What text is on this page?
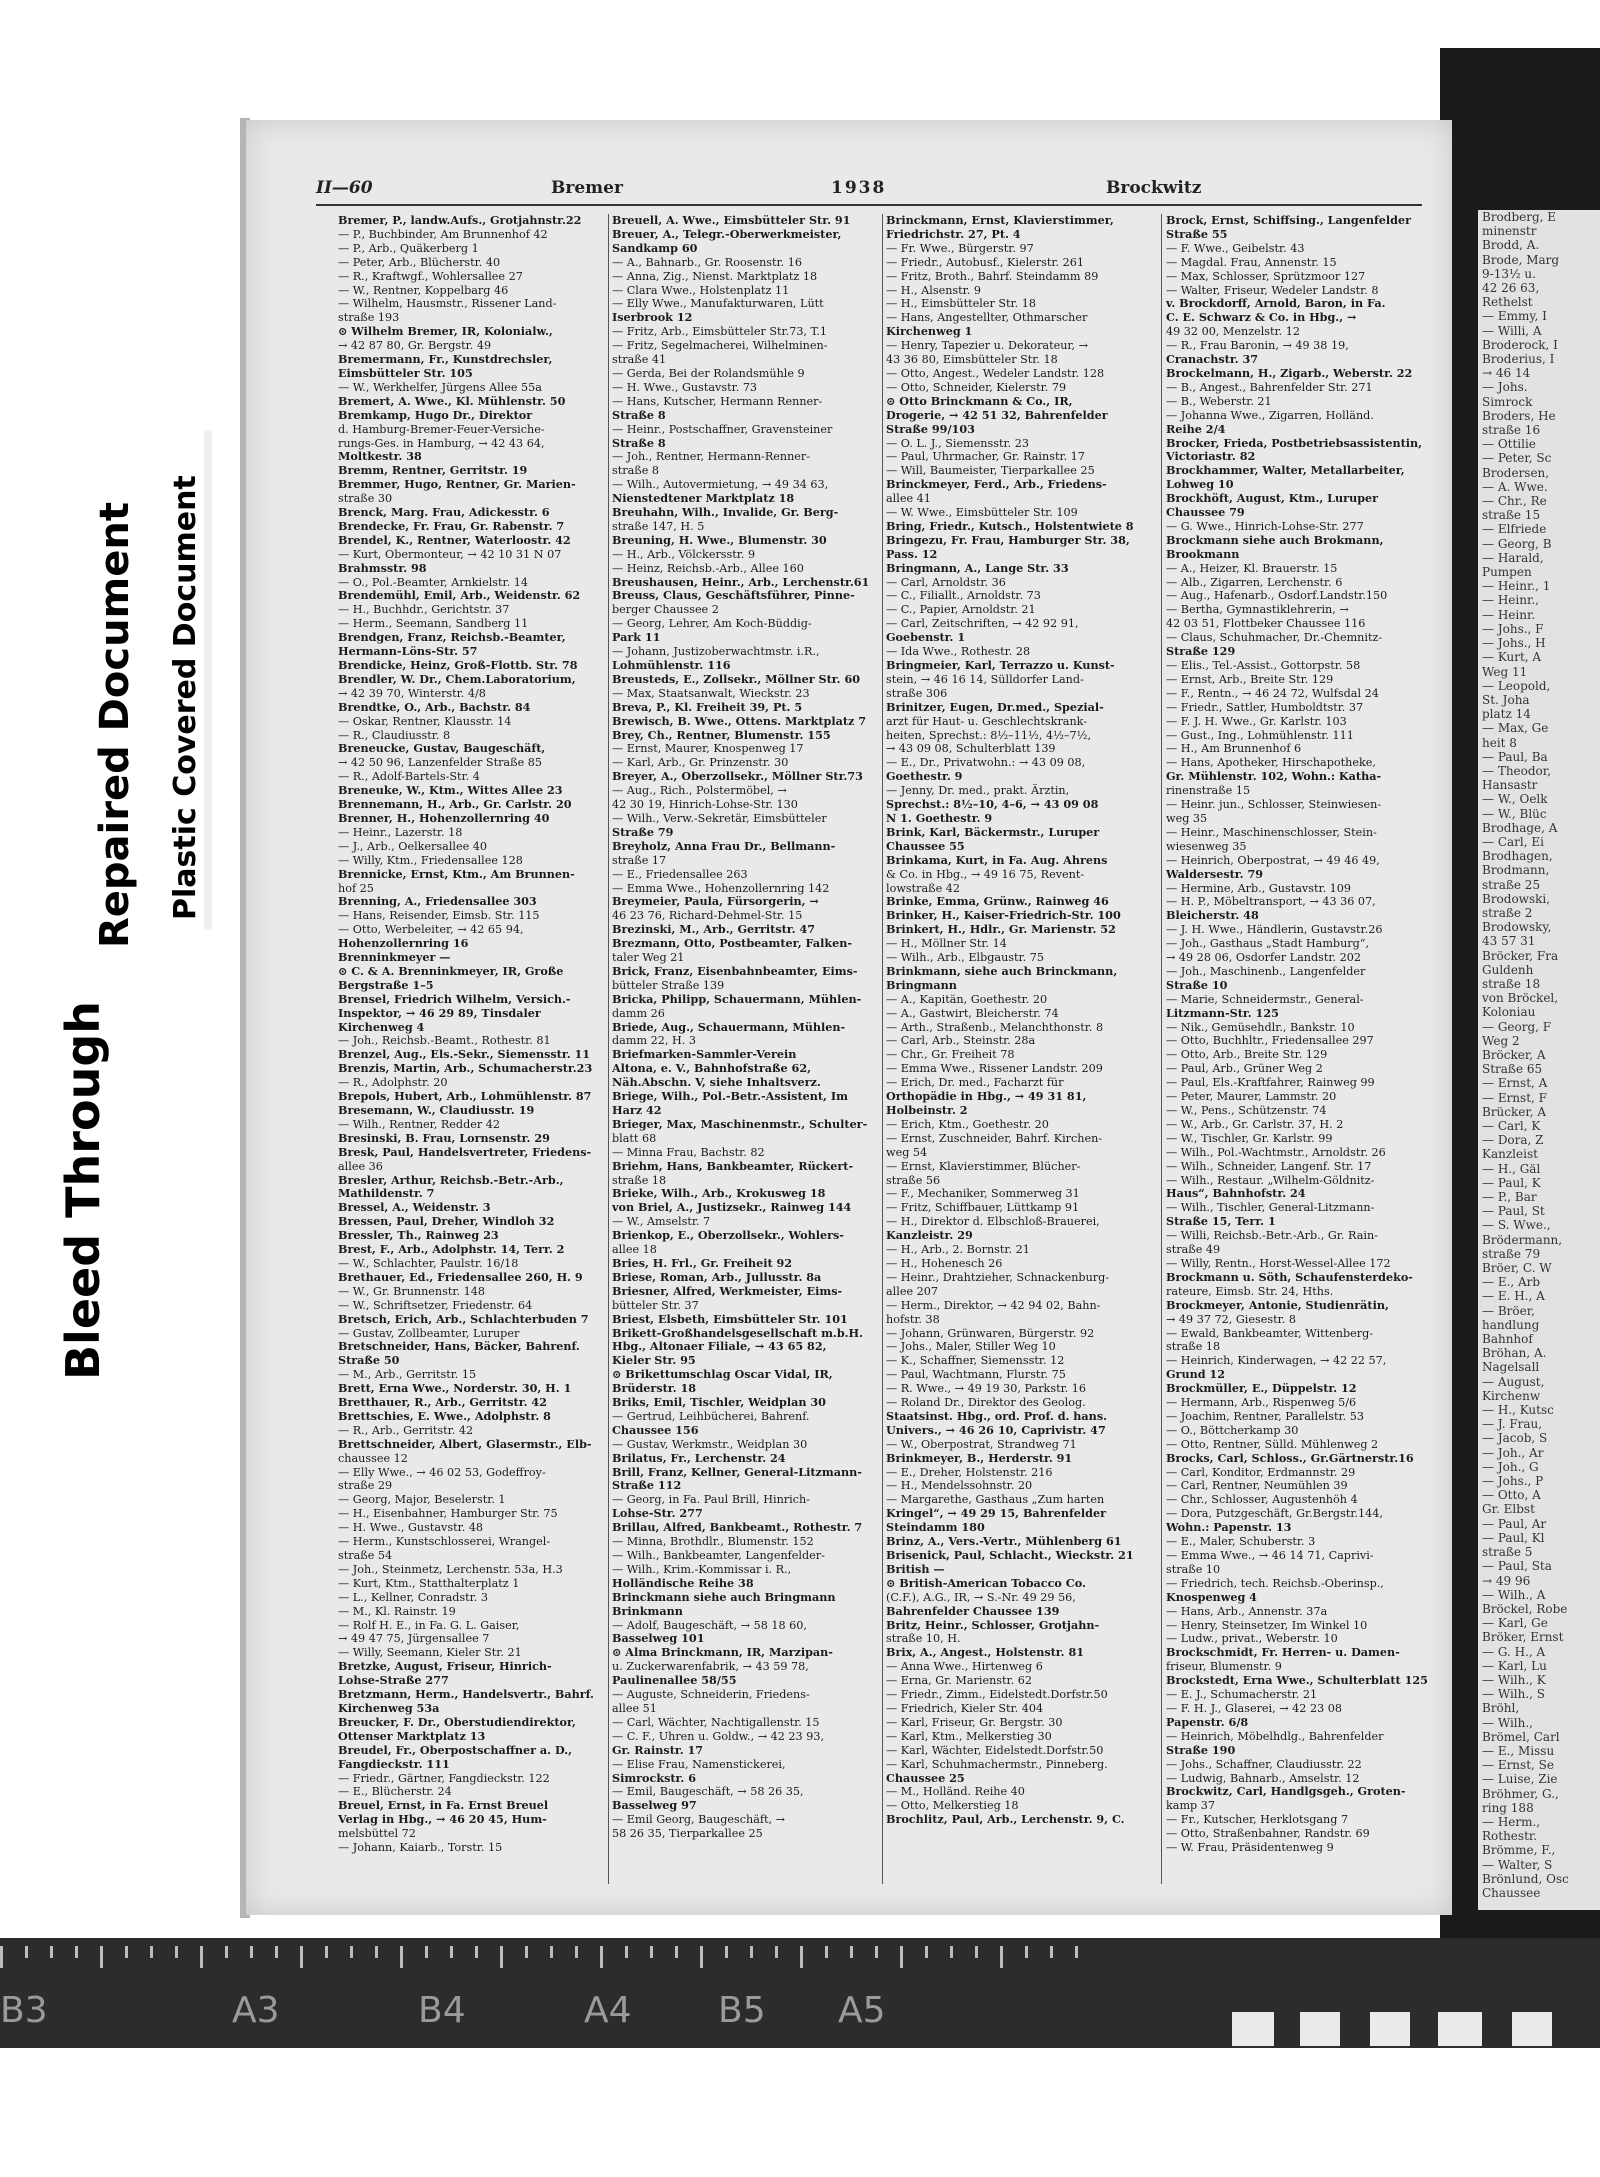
Brodberg, E
minenstr
Brodd, A.
Brode, Marg
9-13½ u.
42 26 63,
Rethelst
— Emmy, I
— Willi, A
Broderock, I
Broderius, I
→ 46 14
— Johs.
Simrock
Broders, He
straße 16
— Ottilie
— Peter, Sc
Brodersen,
— A. Wwe.
— Chr., Re
straße 15
— Elfriede
— Georg, B
— Harald,
Pumpen
— Heinr., 1
— Heinr.,
— Heinr.
— Johs., F
— Johs., H
— Kurt, A
Weg 11
— Leopold,
St. Joha
platz 14
— Max, Ge
heit 8
— Paul, Ba
— Theodor,
Hansastr
— W., Oelk
— W., Blüc
Brodhage, A
— Carl, Ei
Brodhagen,
Brodmann,
straße 25
Brodowski,
straße 2
Brodowsky,
43 57 31
Bröcker, Fra
Guldenh
straße 18
von Bröckel,
Koloniau
— Georg, F
Weg 2
Bröcker, A
Straße 65
— Ernst, A
— Ernst, F
Brücker, A
— Carl, K
— Dora, Z
Kanzleist
— H., Gäl
— Paul, K
— P., Bar
— Paul, St
— S. Wwe.,
Brödermann,
straße 79
Bröer, C. W
— E., Arb
— E. H., A
— Bröer,
handlung
Bahnhof
Bröhan, A.
Nagelsall
— August,
Kirchenw
— H., Kutsc
— J. Frau,
— Jacob, S
— Joh., Ar
— Joh., G
— Johs., P
— Otto, A
Gr. Elbst
— Paul, Ar
— Paul, Kl
straße 5
— Paul, Sta
→ 49 96
— Wilh., A
Bröckel, Robe
— Karl, Ge
Bröker, Ernst
— G. H., A
— Karl, Lu
— Wilh., K
— Wilh., S
Bröhl,
— Wilh.,
Brömel, Carl
— E., Missu
— Ernst, Se
— Luise, Zie
Bröhmer, G.,
ring 188
— Herm.,
Rothestr.
Brömme, F.,
— Walter, S
Brönlund, Osc
Chaussee
II—60	Bremer	1938	Brockwitz
Bremer, P., landw.Aufs., Grotjahnstr.22
— P., Buchbinder, Am Brunnenhof 42
— P., Arb., Quäkerberg 1
— Peter, Arb., Blücherstr. 40
— R., Kraftwgf., Wohlersallee 27
— W., Rentner, Koppelbarg 46
— Wilhelm, Hausmstr., Rissener Land-
straße 193
⊙ Wilhelm Bremer, IR, Kolonialw.,
→ 42 87 80, Gr. Bergstr. 49
Bremermann, Fr., Kunstdrechsler,
Eimsbütteler Str. 105
— W., Werkhelfer, Jürgens Allee 55a
Bremert, A. Wwe., Kl. Mühlenstr. 50
Bremkamp, Hugo Dr., Direktor
d. Hamburg-Bremer-Feuer-Versiche-
rungs-Ges. in Hamburg, → 42 43 64,
Moltkestr. 38
Bremm, Rentner, Gerritstr. 19
Bremmer, Hugo, Rentner, Gr. Marien-
straße 30
Brenck, Marg. Frau, Adickesstr. 6
Brendecke, Fr. Frau, Gr. Rabenstr. 7
Brendel, K., Rentner, Waterloostr. 42
— Kurt, Obermonteur, → 42 10 31 N 07
Brahmsstr. 98
— O., Pol.-Beamter, Arnkielstr. 14
Brendemühl, Emil, Arb., Weidenstr. 62
— H., Buchhdr., Gerichtstr. 37
— Herm., Seemann, Sandberg 11
Brendgen, Franz, Reichsb.-Beamter,
Hermann-Löns-Str. 57
Brendicke, Heinz, Groß-Flottb. Str. 78
Brendler, W. Dr., Chem.Laboratorium,
→ 42 39 70, Winterstr. 4/8
Brendtke, O., Arb., Bachstr. 84
— Oskar, Rentner, Klausstr. 14
— R., Claudiusstr. 8
Breneucke, Gustav, Baugeschäft,
→ 42 50 96, Lanzenfelder Straße 85
— R., Adolf-Bartels-Str. 4
Breneuke, W., Ktm., Wittes Allee 23
Brennemann, H., Arb., Gr. Carlstr. 20
Brenner, H., Hohenzollernring 40
— Heinr., Lazerstr. 18
— J., Arb., Oelkersallee 40
— Willy, Ktm., Friedensallee 128
Brennicke, Ernst, Ktm., Am Brunnen-
hof 25
Brenning, A., Friedensallee 303
— Hans, Reisender, Eimsb. Str. 115
— Otto, Werbeleiter, → 42 65 94,
Hohenzollernring 16
Brenninkmeyer —
⊙ C. & A. Brenninkmeyer, IR, Große
Bergstraße 1–5
Brensel, Friedrich Wilhelm, Versich.-
Inspektor, → 46 29 89, Tinsdaler
Kirchenweg 4
— Joh., Reichsb.-Beamt., Rothestr. 81
Brenzel, Aug., Els.-Sekr., Siemensstr. 11
Brenzis, Martin, Arb., Schumacherstr.23
— R., Adolphstr. 20
Brepols, Hubert, Arb., Lohmühlenstr. 87
Bresemann, W., Claudiusstr. 19
— Wilh., Rentner, Redder 42
Bresinski, B. Frau, Lornsenstr. 29
Bresk, Paul, Handelsvertreter, Friedens-
allee 36
Bresler, Arthur, Reichsb.-Betr.-Arb.,
Mathildenstr. 7
Bressel, A., Weidenstr. 3
Bressen, Paul, Dreher, Windloh 32
Bressler, Th., Rainweg 23
Brest, F., Arb., Adolphstr. 14, Terr. 2
— W., Schlachter, Paulstr. 16/18
Brethauer, Ed., Friedensallee 260, H. 9
— W., Gr. Brunnenstr. 148
— W., Schriftsetzer, Friedenstr. 64
Bretsch, Erich, Arb., Schlachterbuden 7
— Gustav, Zollbeamter, Luruper
Bretschneider, Hans, Bäcker, Bahrenf.
Straße 50
— M., Arb., Gerritstr. 15
Brett, Erna Wwe., Norderstr. 30, H. 1
Bretthauer, R., Arb., Gerritstr. 42
Brettschies, E. Wwe., Adolphstr. 8
— R., Arb., Gerritstr. 42
Brettschneider, Albert, Glasermstr., Elb-
chaussee 12
— Elly Wwe., → 46 02 53, Godeffroy-
straße 29
— Georg, Major, Beselerstr. 1
— H., Eisenbahner, Hamburger Str. 75
— H. Wwe., Gustavstr. 48
— Herm., Kunstschlosserei, Wrangel-
straße 54
— Joh., Steinmetz, Lerchenstr. 53a, H.3
— Kurt, Ktm., Statthalterplatz 1
— L., Kellner, Conradstr. 3
— M., Kl. Rainstr. 19
— Rolf H. E., in Fa. G. L. Gaiser,
→ 49 47 75, Jürgensallee 7
— Willy, Seemann, Kieler Str. 21
Bretzke, August, Friseur, Hinrich-
Lohse-Straße 277
Bretzmann, Herm., Handelsvertr., Bahrf.
Kirchenweg 53a
Breucker, F. Dr., Oberstudiendirektor,
Ottenser Marktplatz 13
Breudel, Fr., Oberpostschaffner a. D.,
Fangdieckstr. 111
— Friedr., Gärtner, Fangdieckstr. 122
— E., Blücherstr. 24
Breuel, Ernst, in Fa. Ernst Breuel
Verlag in Hbg., → 46 20 45, Hum-
melsbüttel 72
— Johann, Kaiarb., Torstr. 15
Breuell, A. Wwe., Eimsbütteler Str. 91
Breuer, A., Telegr.-Oberwerkmeister,
Sandkamp 60
— A., Bahnarb., Gr. Roosenstr. 16
— Anna, Zig., Nienst. Marktplatz 18
— Clara Wwe., Holstenplatz 11
— Elly Wwe., Manufakturwaren, Lütt
Iserbrook 12
— Fritz, Arb., Eimsbütteler Str.73, T.1
— Fritz, Segelmacherei, Wilhelminen-
straße 41
— Gerda, Bei der Rolandsmühle 9
— H. Wwe., Gustavstr. 73
— Hans, Kutscher, Hermann Renner-
Straße 8
— Heinr., Postschaffner, Gravensteiner
Straße 8
— Joh., Rentner, Hermann-Renner-
straße 8
— Wilh., Autovermietung, → 49 34 63,
Nienstedtener Marktplatz 18
Breuhahn, Wilh., Invalide, Gr. Berg-
straße 147, H. 5
Breuning, H. Wwe., Blumenstr. 30
— H., Arb., Völckersstr. 9
— Heinz, Reichsb.-Arb., Allee 160
Breushausen, Heinr., Arb., Lerchenstr.61
Breuss, Claus, Geschäftsführer, Pinne-
berger Chaussee 2
— Georg, Lehrer, Am Koch-Büddig-
Park 11
— Johann, Justizoberwachtmstr. i.R.,
Lohmühlenstr. 116
Breusteds, E., Zollsekr., Möllner Str. 60
— Max, Staatsanwalt, Wieckstr. 23
Breva, P., Kl. Freiheit 39, Pt. 5
Brewisch, B. Wwe., Ottens. Marktplatz 7
Brey, Ch., Rentner, Blumenstr. 155
— Ernst, Maurer, Knospenweg 17
— Karl, Arb., Gr. Prinzenstr. 30
Breyer, A., Oberzollsekr., Möllner Str.73
— Aug., Rich., Polstermöbel, →
42 30 19, Hinrich-Lohse-Str. 130
— Wilh., Verw.-Sekretär, Eimsbütteler
Straße 79
Breyholz, Anna Frau Dr., Bellmann-
straße 17
— E., Friedensallee 263
— Emma Wwe., Hohenzollernring 142
Breymeier, Paula, Fürsorgerin, →
46 23 76, Richard-Dehmel-Str. 15
Brezinski, M., Arb., Gerritstr. 47
Brezmann, Otto, Postbeamter, Falken-
taler Weg 21
Brick, Franz, Eisenbahnbeamter, Eims-
bütteler Straße 139
Bricka, Philipp, Schauermann, Mühlen-
damm 26
Briede, Aug., Schauermann, Mühlen-
damm 22, H. 3
Briefmarken-Sammler-Verein
Altona, e. V., Bahnhofstraße 62,
Näh.Abschn. V, siehe Inhaltsverz.
Briege, Wilh., Pol.-Betr.-Assistent, Im
Harz 42
Brieger, Max, Maschinenmstr., Schulter-
blatt 68
— Minna Frau, Bachstr. 82
Briehm, Hans, Bankbeamter, Rückert-
straße 18
Brieke, Wilh., Arb., Krokusweg 18
von Briel, A., Justizsekr., Rainweg 144
— W., Amselstr. 7
Brienkop, E., Oberzollsekr., Wohlers-
allee 18
Bries, H. Frl., Gr. Freiheit 92
Briese, Roman, Arb., Jullusstr. 8a
Briesner, Alfred, Werkmeister, Eims-
bütteler Str. 37
Briest, Elsbeth, Eimsbütteler Str. 101
Brikett-Großhandelsgesellschaft m.b.H.
Hbg., Altonaer Filiale, → 43 65 82,
Kieler Str. 95
⊙ Brikettumschlag Oscar Vidal, IR,
Brüderstr. 18
Briks, Emil, Tischler, Weidplan 30
— Gertrud, Leihbücherei, Bahrenf.
Chaussee 156
— Gustav, Werkmstr., Weidplan 30
Brilatus, Fr., Lerchenstr. 24
Brill, Franz, Kellner, General-Litzmann-
Straße 112
— Georg, in Fa. Paul Brill, Hinrich-
Lohse-Str. 277
Brillau, Alfred, Bankbeamt., Rothestr. 7
— Minna, Brothdlr., Blumenstr. 152
— Wilh., Bankbeamter, Langenfelder-
— Wilh., Krim.-Kommissar i. R.,
Holländische Reihe 38
Brinckmann siehe auch Bringmann
Brinkmann
— Adolf, Baugeschäft, → 58 18 60,
Basselweg 101
⊙ Alma Brinckmann, IR, Marzipan-
u. Zuckerwarenfabrik, → 43 59 78,
Paulinenallee 58/55
— Auguste, Schneiderin, Friedens-
allee 51
— Carl, Wächter, Nachtigallenstr. 15
— C. F., Uhren u. Goldw., → 42 23 93,
Gr. Rainstr. 17
— Elise Frau, Namenstickerei,
Simrockstr. 6
— Emil, Baugeschäft, → 58 26 35,
Basselweg 97
— Emil Georg, Baugeschäft, →
58 26 35, Tierparkallee 25
Brinckmann, Ernst, Klavierstimmer,
Friedrichstr. 27, Pt. 4
— Fr. Wwe., Bürgerstr. 97
— Friedr., Autobusf., Kielerstr. 261
— Fritz, Broth., Bahrf. Steindamm 89
— H., Alsenstr. 9
— H., Eimsbütteler Str. 18
— Hans, Angestellter, Othmarscher
Kirchenweg 1
— Henry, Tapezier u. Dekorateur, →
43 36 80, Eimsbütteler Str. 18
— Otto, Angest., Wedeler Landstr. 128
— Otto, Schneider, Kielerstr. 79
⊙ Otto Brinckmann & Co., IR,
Drogerie, → 42 51 32, Bahrenfelder
Straße 99/103
— O. L. J., Siemensstr. 23
— Paul, Uhrmacher, Gr. Rainstr. 17
— Will, Baumeister, Tierparkallee 25
Brinckmeyer, Ferd., Arb., Friedens-
allee 41
— W. Wwe., Eimsbütteler Str. 109
Bring, Friedr., Kutsch., Holstentwiete 8
Bringezu, Fr. Frau, Hamburger Str. 38,
Pass. 12
Bringmann, A., Lange Str. 33
— Carl, Arnoldstr. 36
— C., Filiallt., Arnoldstr. 73
— C., Papier, Arnoldstr. 21
— Carl, Zeitschriften, → 42 92 91,
Goebenstr. 1
— Ida Wwe., Rothestr. 28
Bringmeier, Karl, Terrazzo u. Kunst-
stein, → 46 16 14, Sülldorfer Land-
straße 306
Brinitzer, Eugen, Dr.med., Spezial-
arzt für Haut- u. Geschlechtskrank-
heiten, Sprechst.: 8½–11½, 4½–7½,
→ 43 09 08, Schulterblatt 139
— E., Dr., Privatwohn.: → 43 09 08,
Goethestr. 9
— Jenny, Dr. med., prakt. Ärztin,
Sprechst.: 8½–10, 4–6, → 43 09 08
N 1. Goethestr. 9
Brink, Karl, Bäckermstr., Luruper
Chaussee 55
Brinkama, Kurt, in Fa. Aug. Ahrens
& Co. in Hbg., → 49 16 75, Revent-
lowstraße 42
Brinke, Emma, Grünw., Rainweg 46
Brinker, H., Kaiser-Friedrich-Str. 100
Brinkert, H., Hdlr., Gr. Marienstr. 52
— H., Möllner Str. 14
— Wilh., Arb., Elbgaustr. 75
Brinkmann, siehe auch Brinckmann,
Bringmann
— A., Kapitän, Goethestr. 20
— A., Gastwirt, Bleicherstr. 74
— Arth., Straßenb., Melanchthonstr. 8
— Carl, Arb., Steinstr. 28a
— Chr., Gr. Freiheit 78
— Emma Wwe., Rissener Landstr. 209
— Erich, Dr. med., Facharzt für
Orthopädie in Hbg., → 49 31 81,
Holbeinstr. 2
— Erich, Ktm., Goethestr. 20
— Ernst, Zuschneider, Bahrf. Kirchen-
weg 54
— Ernst, Klavierstimmer, Blücher-
straße 56
— F., Mechaniker, Sommerweg 31
— Fritz, Schiffbauer, Lüttkamp 91
— H., Direktor d. Elbschloß-Brauerei,
Kanzleistr. 29
— H., Arb., 2. Bornstr. 21
— H., Hohenesch 26
— Heinr., Drahtzieher, Schnackenburg-
allee 207
— Herm., Direktor, → 42 94 02, Bahn-
hofstr. 38
— Johann, Grünwaren, Bürgerstr. 92
— Johs., Maler, Stiller Weg 10
— K., Schaffner, Siemensstr. 12
— Paul, Wachtmann, Flurstr. 75
— R. Wwe., → 49 19 30, Parkstr. 16
— Roland Dr., Direktor des Geolog.
Staatsinst. Hbg., ord. Prof. d. hans.
Univers., → 46 26 10, Caprivistr. 47
— W., Oberpostrat, Strandweg 71
Brinkmeyer, B., Herderstr. 91
— E., Dreher, Holstenstr. 216
— H., Mendelssohnstr. 20
— Margarethe, Gasthaus „Zum harten
Kringel“, → 49 29 15, Bahrenfelder
Steindamm 180
Brinz, A., Vers.-Vertr., Mühlenberg 61
Brisenick, Paul, Schlacht., Wieckstr. 21
British —
⊙ British-American Tobacco Co.
(C.F.), A.G., IR, → S.-Nr. 49 29 56,
Bahrenfelder Chaussee 139
Britz, Heinr., Schlosser, Grotjahn-
straße 10, H.
Brix, A., Angest., Holstenstr. 81
— Anna Wwe., Hirtenweg 6
— Erna, Gr. Marienstr. 62
— Friedr., Zimm., Eidelstedt.Dorfstr.50
— Friedrich, Kieler Str. 404
— Karl, Friseur, Gr. Bergstr. 30
— Karl, Ktm., Melkerstieg 30
— Karl, Wächter, Eidelstedt.Dorfstr.50
— Karl, Schuhmachermstr., Pinneberg.
Chaussee 25
— M., Holländ. Reihe 40
— Otto, Melkerstieg 18
Brochlitz, Paul, Arb., Lerchenstr. 9, C.
Brock, Ernst, Schiffsing., Langenfelder
Straße 55
— F. Wwe., Geibelstr. 43
— Magdal. Frau, Annenstr. 15
— Max, Schlosser, Sprützmoor 127
— Walter, Friseur, Wedeler Landstr. 8
v. Brockdorff, Arnold, Baron, in Fa.
C. E. Schwarz & Co. in Hbg., →
49 32 00, Menzelstr. 12
— R., Frau Baronin, → 49 38 19,
Cranachstr. 37
Brockelmann, H., Zigarb., Weberstr. 22
— B., Angest., Bahrenfelder Str. 271
— B., Weberstr. 21
— Johanna Wwe., Zigarren, Holländ.
Reihe 2/4
Brocker, Frieda, Postbetriebsassistentin,
Victoriastr. 82
Brockhammer, Walter, Metallarbeiter,
Lohweg 10
Brockhöft, August, Ktm., Luruper
Chaussee 79
— G. Wwe., Hinrich-Lohse-Str. 277
Brockmann siehe auch Brokmann,
Brookmann
— A., Heizer, Kl. Brauerstr. 15
— Alb., Zigarren, Lerchenstr. 6
— Aug., Hafenarb., Osdorf.Landstr.150
— Bertha, Gymnastiklehrerin, →
42 03 51, Flottbeker Chaussee 116
— Claus, Schuhmacher, Dr.-Chemnitz-
Straße 129
— Elis., Tel.-Assist., Gottorpstr. 58
— Ernst, Arb., Breite Str. 129
— F., Rentn., → 46 24 72, Wulfsdal 24
— Friedr., Sattler, Humboldtstr. 37
— F. J. H. Wwe., Gr. Karlstr. 103
— Gust., Ing., Lohmühlenstr. 111
— H., Am Brunnenhof 6
— Hans, Apotheker, Hirschapotheke,
Gr. Mühlenstr. 102, Wohn.: Katha-
rinenstraße 15
— Heinr. jun., Schlosser, Steinwiesen-
weg 35
— Heinr., Maschinenschlosser, Stein-
wiesenweg 35
— Heinrich, Oberpostrat, → 49 46 49,
Waldersestr. 79
— Hermine, Arb., Gustavstr. 109
— H. P., Möbeltransport, → 43 36 07,
Bleicherstr. 48
— J. H. Wwe., Händlerin, Gustavstr.26
— Joh., Gasthaus „Stadt Hamburg“,
→ 49 28 06, Osdorfer Landstr. 202
— Joh., Maschinenb., Langenfelder
Straße 10
— Marie, Schneidermstr., General-
Litzmann-Str. 125
— Nik., Gemüsehdlr., Bankstr. 10
— Otto, Buchhltr., Friedensallee 297
— Otto, Arb., Breite Str. 129
— Paul, Arb., Grüner Weg 2
— Paul, Els.-Kraftfahrer, Rainweg 99
— Peter, Maurer, Lammstr. 20
— W., Pens., Schützenstr. 74
— W., Arb., Gr. Carlstr. 37, H. 2
— W., Tischler, Gr. Karlstr. 99
— Wilh., Pol.-Wachtmstr., Arnoldstr. 26
— Wilh., Schneider, Langenf. Str. 17
— Wilh., Restaur. „Wilhelm-Göldnitz-
Haus“, Bahnhofstr. 24
— Wilh., Tischler, General-Litzmann-
Straße 15, Terr. 1
— Willi, Reichsb.-Betr.-Arb., Gr. Rain-
straße 49
— Willy, Rentn., Horst-Wessel-Allee 172
Brockmann u. Söth, Schaufensterdeko-
rateure, Eimsb. Str. 24, Hths.
Brockmeyer, Antonie, Studienrätin,
→ 49 37 72, Giesestr. 8
— Ewald, Bankbeamter, Wittenberg-
straße 18
— Heinrich, Kinderwagen, → 42 22 57,
Grund 12
Brockmüller, E., Düppelstr. 12
— Hermann, Arb., Rispenweg 5/6
— Joachim, Rentner, Parallelstr. 53
— O., Böttcherkamp 30
— Otto, Rentner, Sülld. Mühlenweg 2
Brocks, Carl, Schloss., Gr.Gärtnerstr.16
— Carl, Konditor, Erdmannstr. 29
— Carl, Rentner, Neumühlen 39
— Chr., Schlosser, Augustenhöh 4
— Dora, Putzgeschäft, Gr.Bergstr.144,
Wohn.: Papenstr. 13
— E., Maler, Schuberstr. 3
— Emma Wwe., → 46 14 71, Caprivi-
straße 10
— Friedrich, tech. Reichsb.-Oberinsp.,
Knospenweg 4
— Hans, Arb., Annenstr. 37a
— Henry, Steinsetzer, Im Winkel 10
— Ludw., privat., Weberstr. 10
Brockschmidt, Fr. Herren- u. Damen-
friseur, Blumenstr. 9
Brockstedt, Erna Wwe., Schulterblatt 125
— E. J., Schumacherstr. 21
— F. H. J., Glaserei, → 42 23 08
Papenstr. 6/8
— Heinrich, Möbelhdlg., Bahrenfelder
Straße 190
— Johs., Schaffner, Claudiusstr. 22
— Ludwig, Bahnarb., Amselstr. 12
Brockwitz, Carl, Handlgsgeh., Groten-
kamp 37
— Fr., Kutscher, Herklotsgang 7
— Otto, Straßenbahner, Randstr. 69
— W. Frau, Präsidentenweg 9
B3	A3	B4	A4 B5 A5
Bleed Through
Repaired Document Plastic Covered Document
